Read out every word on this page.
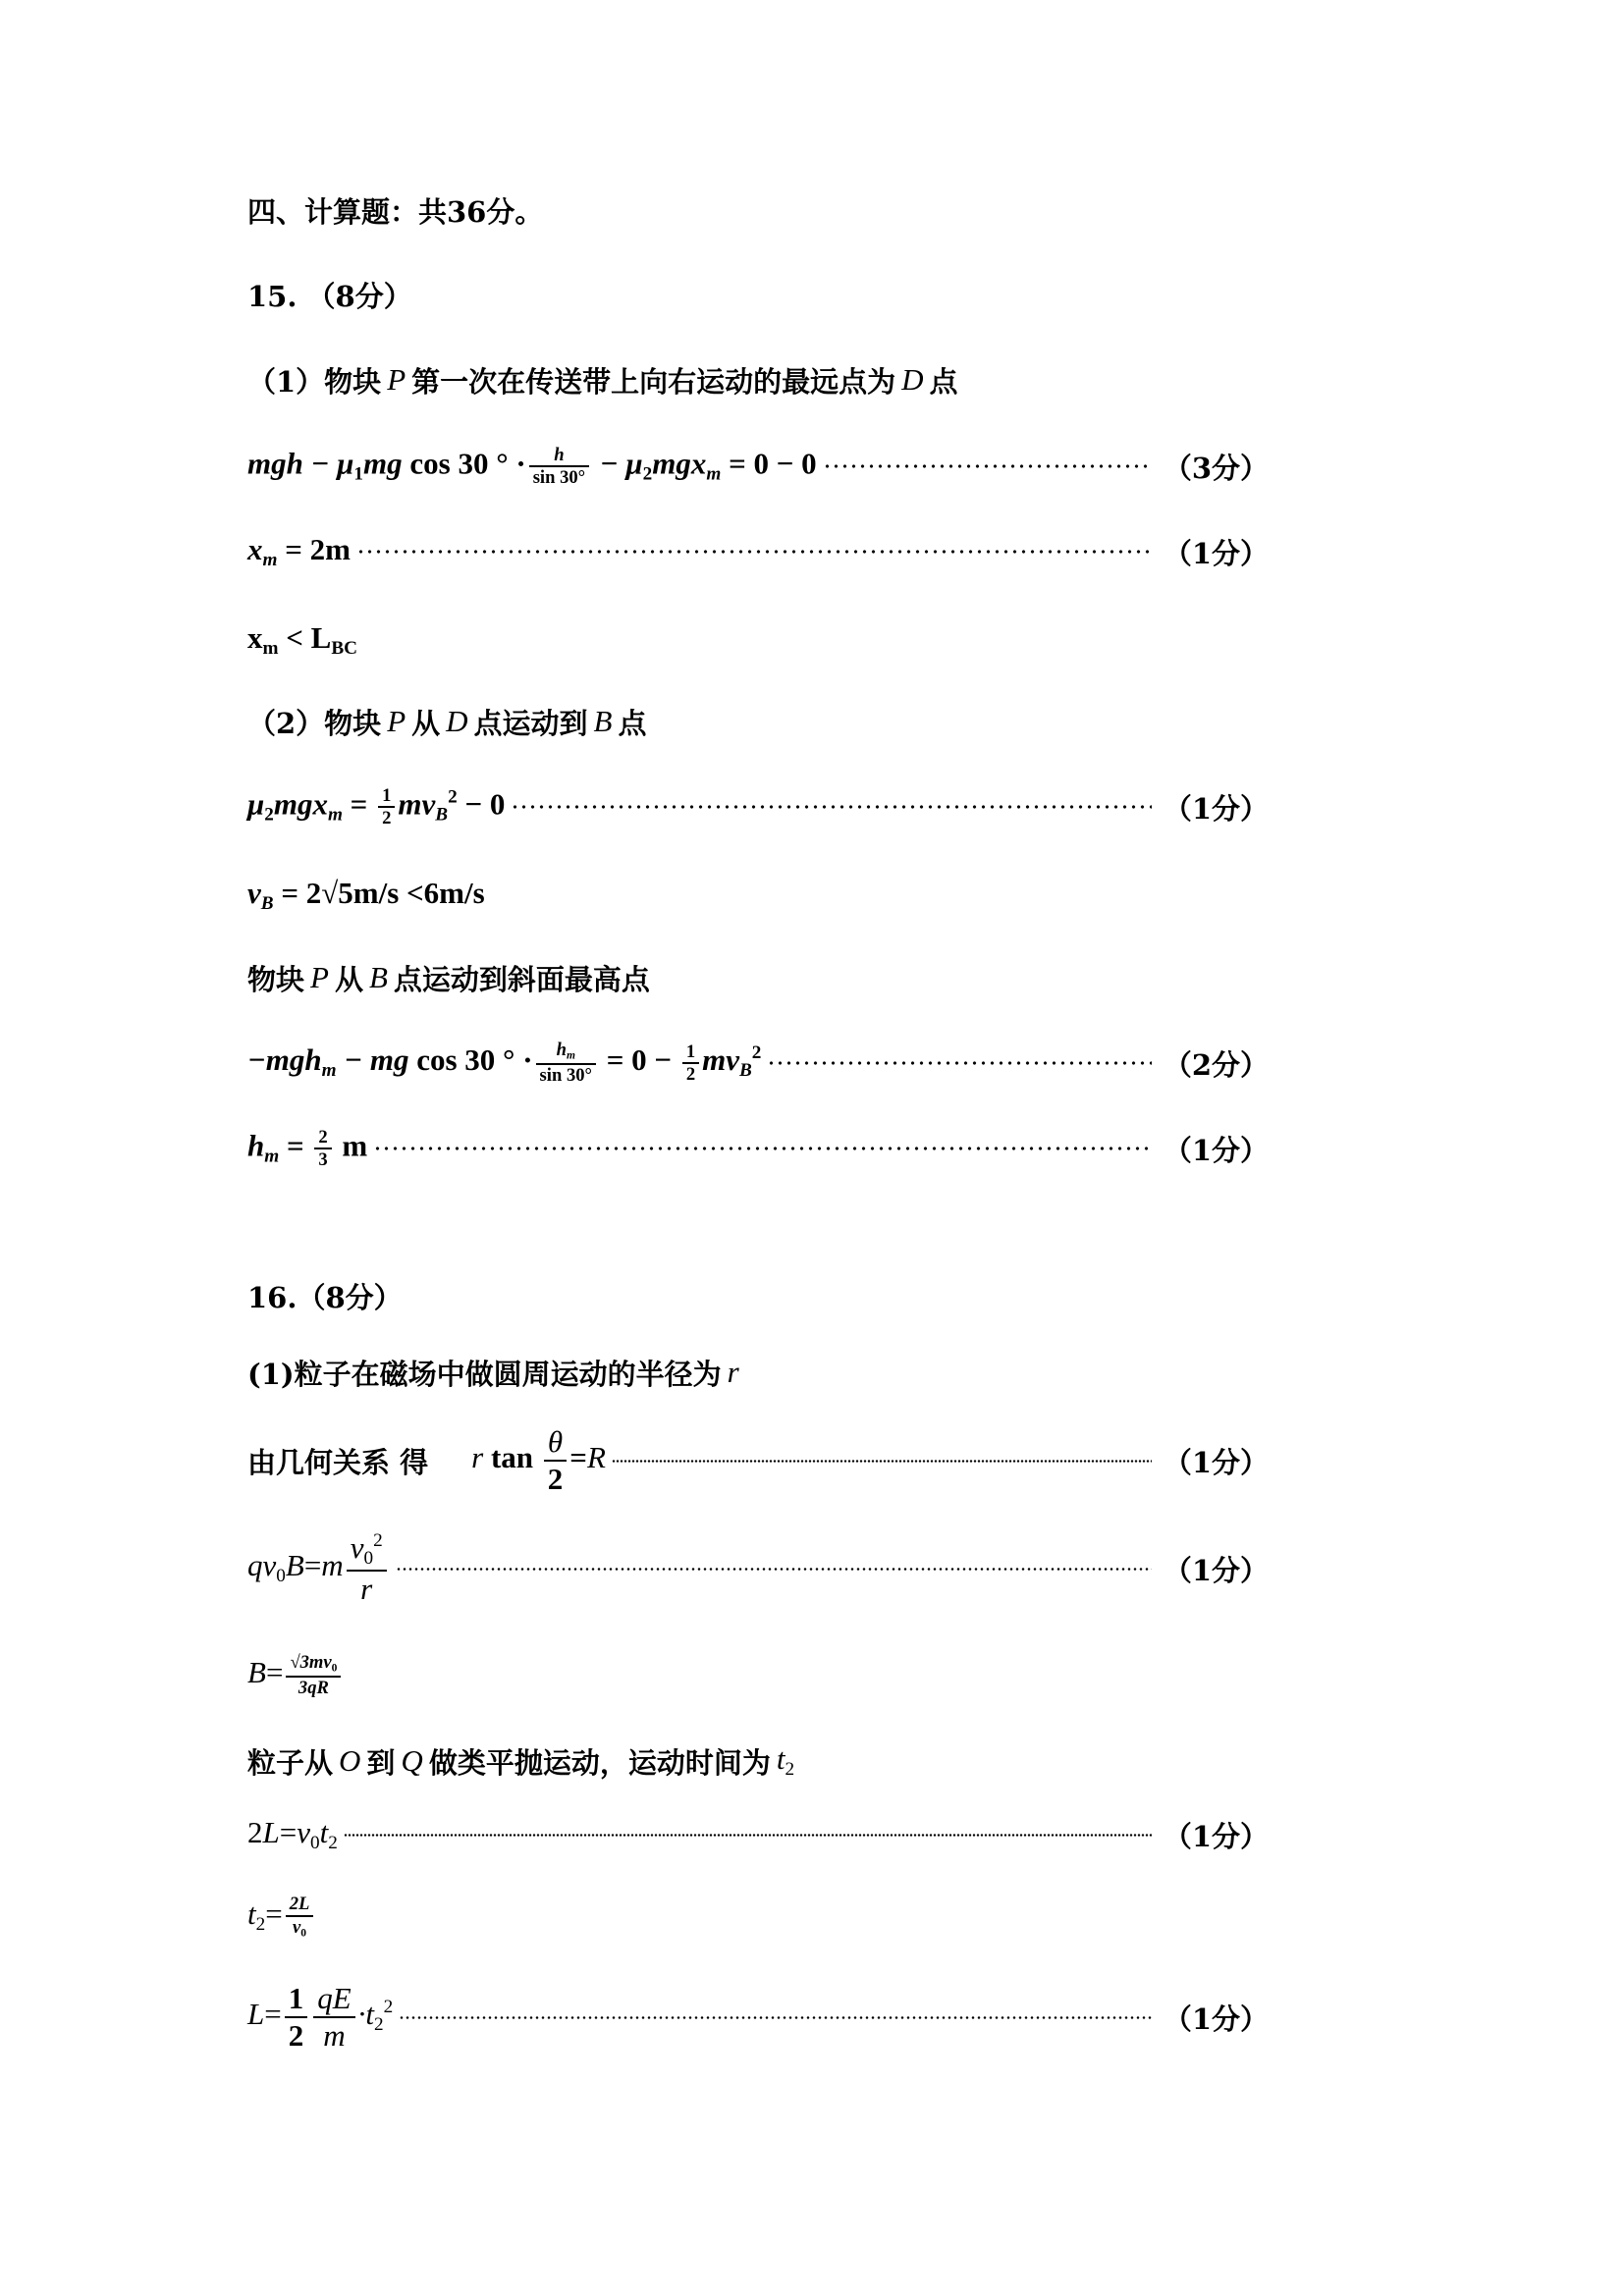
四、计算题：共36分。
15. （8分）
（1）物块 P 第一次在传送带上向右运动的最远点为 D 点
mgh − $\mu_1mg$ cos 30 ° · $\frac{h}{\sin 30^\circ} - \mu_2mgx_m = 0 - 0$	（3分）
$x_m = 2m$	（1分）
$x_m < L_{BC}$
（2）物块 P 从 D 点运动到 B 点
$\mu_2mgx_m = \frac{1}{2} mv_B^2 - 0$	（1分）
$v_B = 2√5m/s <6m/s$
物块 P 从 B 点运动到斜面最高点
−mgh$_m$ − mg cos 30 ° · $\frac{h_m}{\sin 30^\circ} = 0 - \frac{1}{2} mv_B^2$	（2分）
$h_m = \frac{2}{3}$ m	（1分）
16.（8分）
(1)粒子在磁场中做圆周运动的半径为 r
由几何关系 得 r $\tan \frac{\theta}{2} =R$	（1分）
$qv_0B=m \frac{v_0^2}{r}$	（1分）
$B= \frac{√3mv_0}{3qR}$
粒子从 O 到 Q 做类平抛运动，运动时间为 $t_2$
$2L=v_0t_2$	（1分）
$t_2= \frac{2L}{v_0}$
$L= \frac{1}{2} \frac{qE}{m} \cdot t_2^2$	（1分）
